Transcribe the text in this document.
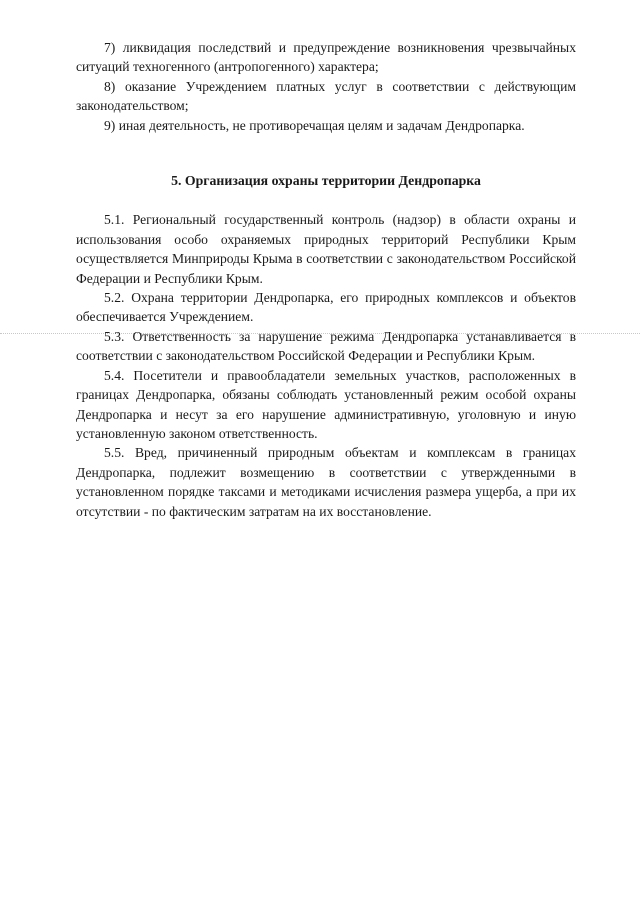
7) ликвидация последствий и предупреждение возникновения чрезвычайных ситуаций техногенного (антропогенного) характера;

8) оказание Учреждением платных услуг в соответствии с действующим законодательством;

9) иная деятельность, не противоречащая целям и задачам Дендропарка.

5. Организация охраны территории Дендропарка

5.1. Региональный государственный контроль (надзор) в области охраны и использования особо охраняемых природных территорий Республики Крым осуществляется Минприроды Крыма в соответствии с законодательством Российской Федерации и Республики Крым.

5.2. Охрана территории Дендропарка, его природных комплексов и объектов обеспечивается Учреждением.

5.3. Ответственность за нарушение режима Дендропарка устанавливается в соответствии с законодательством Российской Федерации и Республики Крым.

5.4. Посетители и правообладатели земельных участков, расположенных в границах Дендропарка, обязаны соблюдать установленный режим особой охраны Дендропарка и несут за его нарушение административную, уголовную и иную установленную законом ответственность.

5.5. Вред, причиненный природным объектам и комплексам в границах Дендропарка, подлежит возмещению в соответствии с утвержденными в установленном порядке таксами и методиками исчисления размера ущерба, а при их отсутствии - по фактическим затратам на их восстановление.
